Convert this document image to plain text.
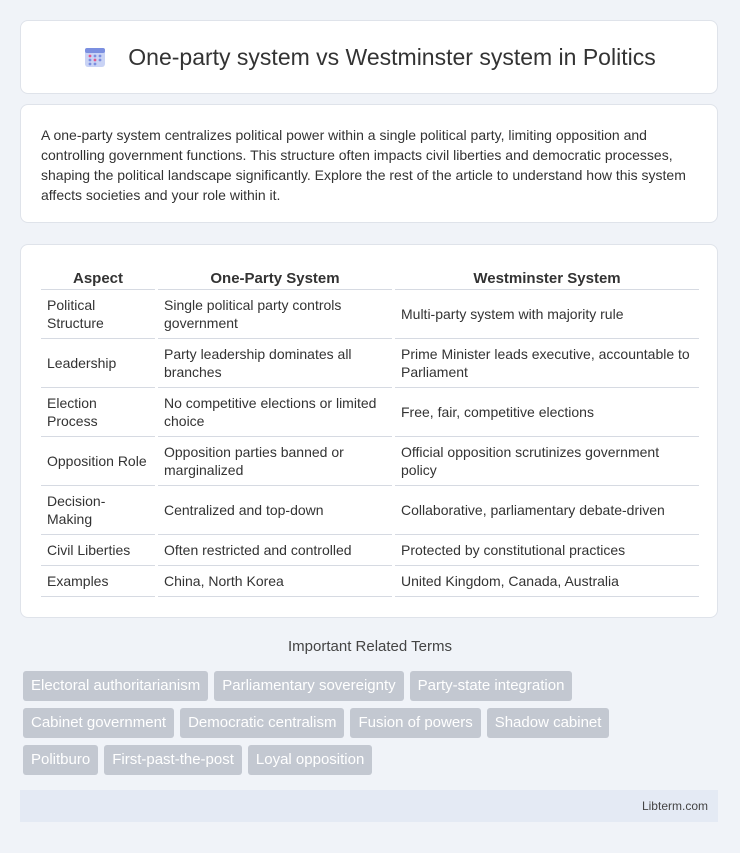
One-party system vs Westminster system in Politics

A one-party system centralizes political power within a single political party, limiting opposition and controlling government functions. This structure often impacts civil liberties and democratic processes, shaping the political landscape significantly. Explore the rest of the article to understand how this system affects societies and your role within it.

Aspect	One-Party System	Westminster System
Political Structure	Single political party controls government	Multi-party system with majority rule
Leadership	Party leadership dominates all branches	Prime Minister leads executive, accountable to Parliament
Election Process	No competitive elections or limited choice	Free, fair, competitive elections
Opposition Role	Opposition parties banned or marginalized	Official opposition scrutinizes government policy
Decision-Making	Centralized and top-down	Collaborative, parliamentary debate-driven
Civil Liberties	Often restricted and controlled	Protected by constitutional practices
Examples	China, North Korea	United Kingdom, Canada, Australia
Important Related Terms
Electoral authoritarianism	Parliamentary sovereignty	Party-state integration
Cabinet government	Democratic centralism	Fusion of powers	Shadow cabinet
Politburo	First-past-the-post	Loyal opposition
Libterm.com
